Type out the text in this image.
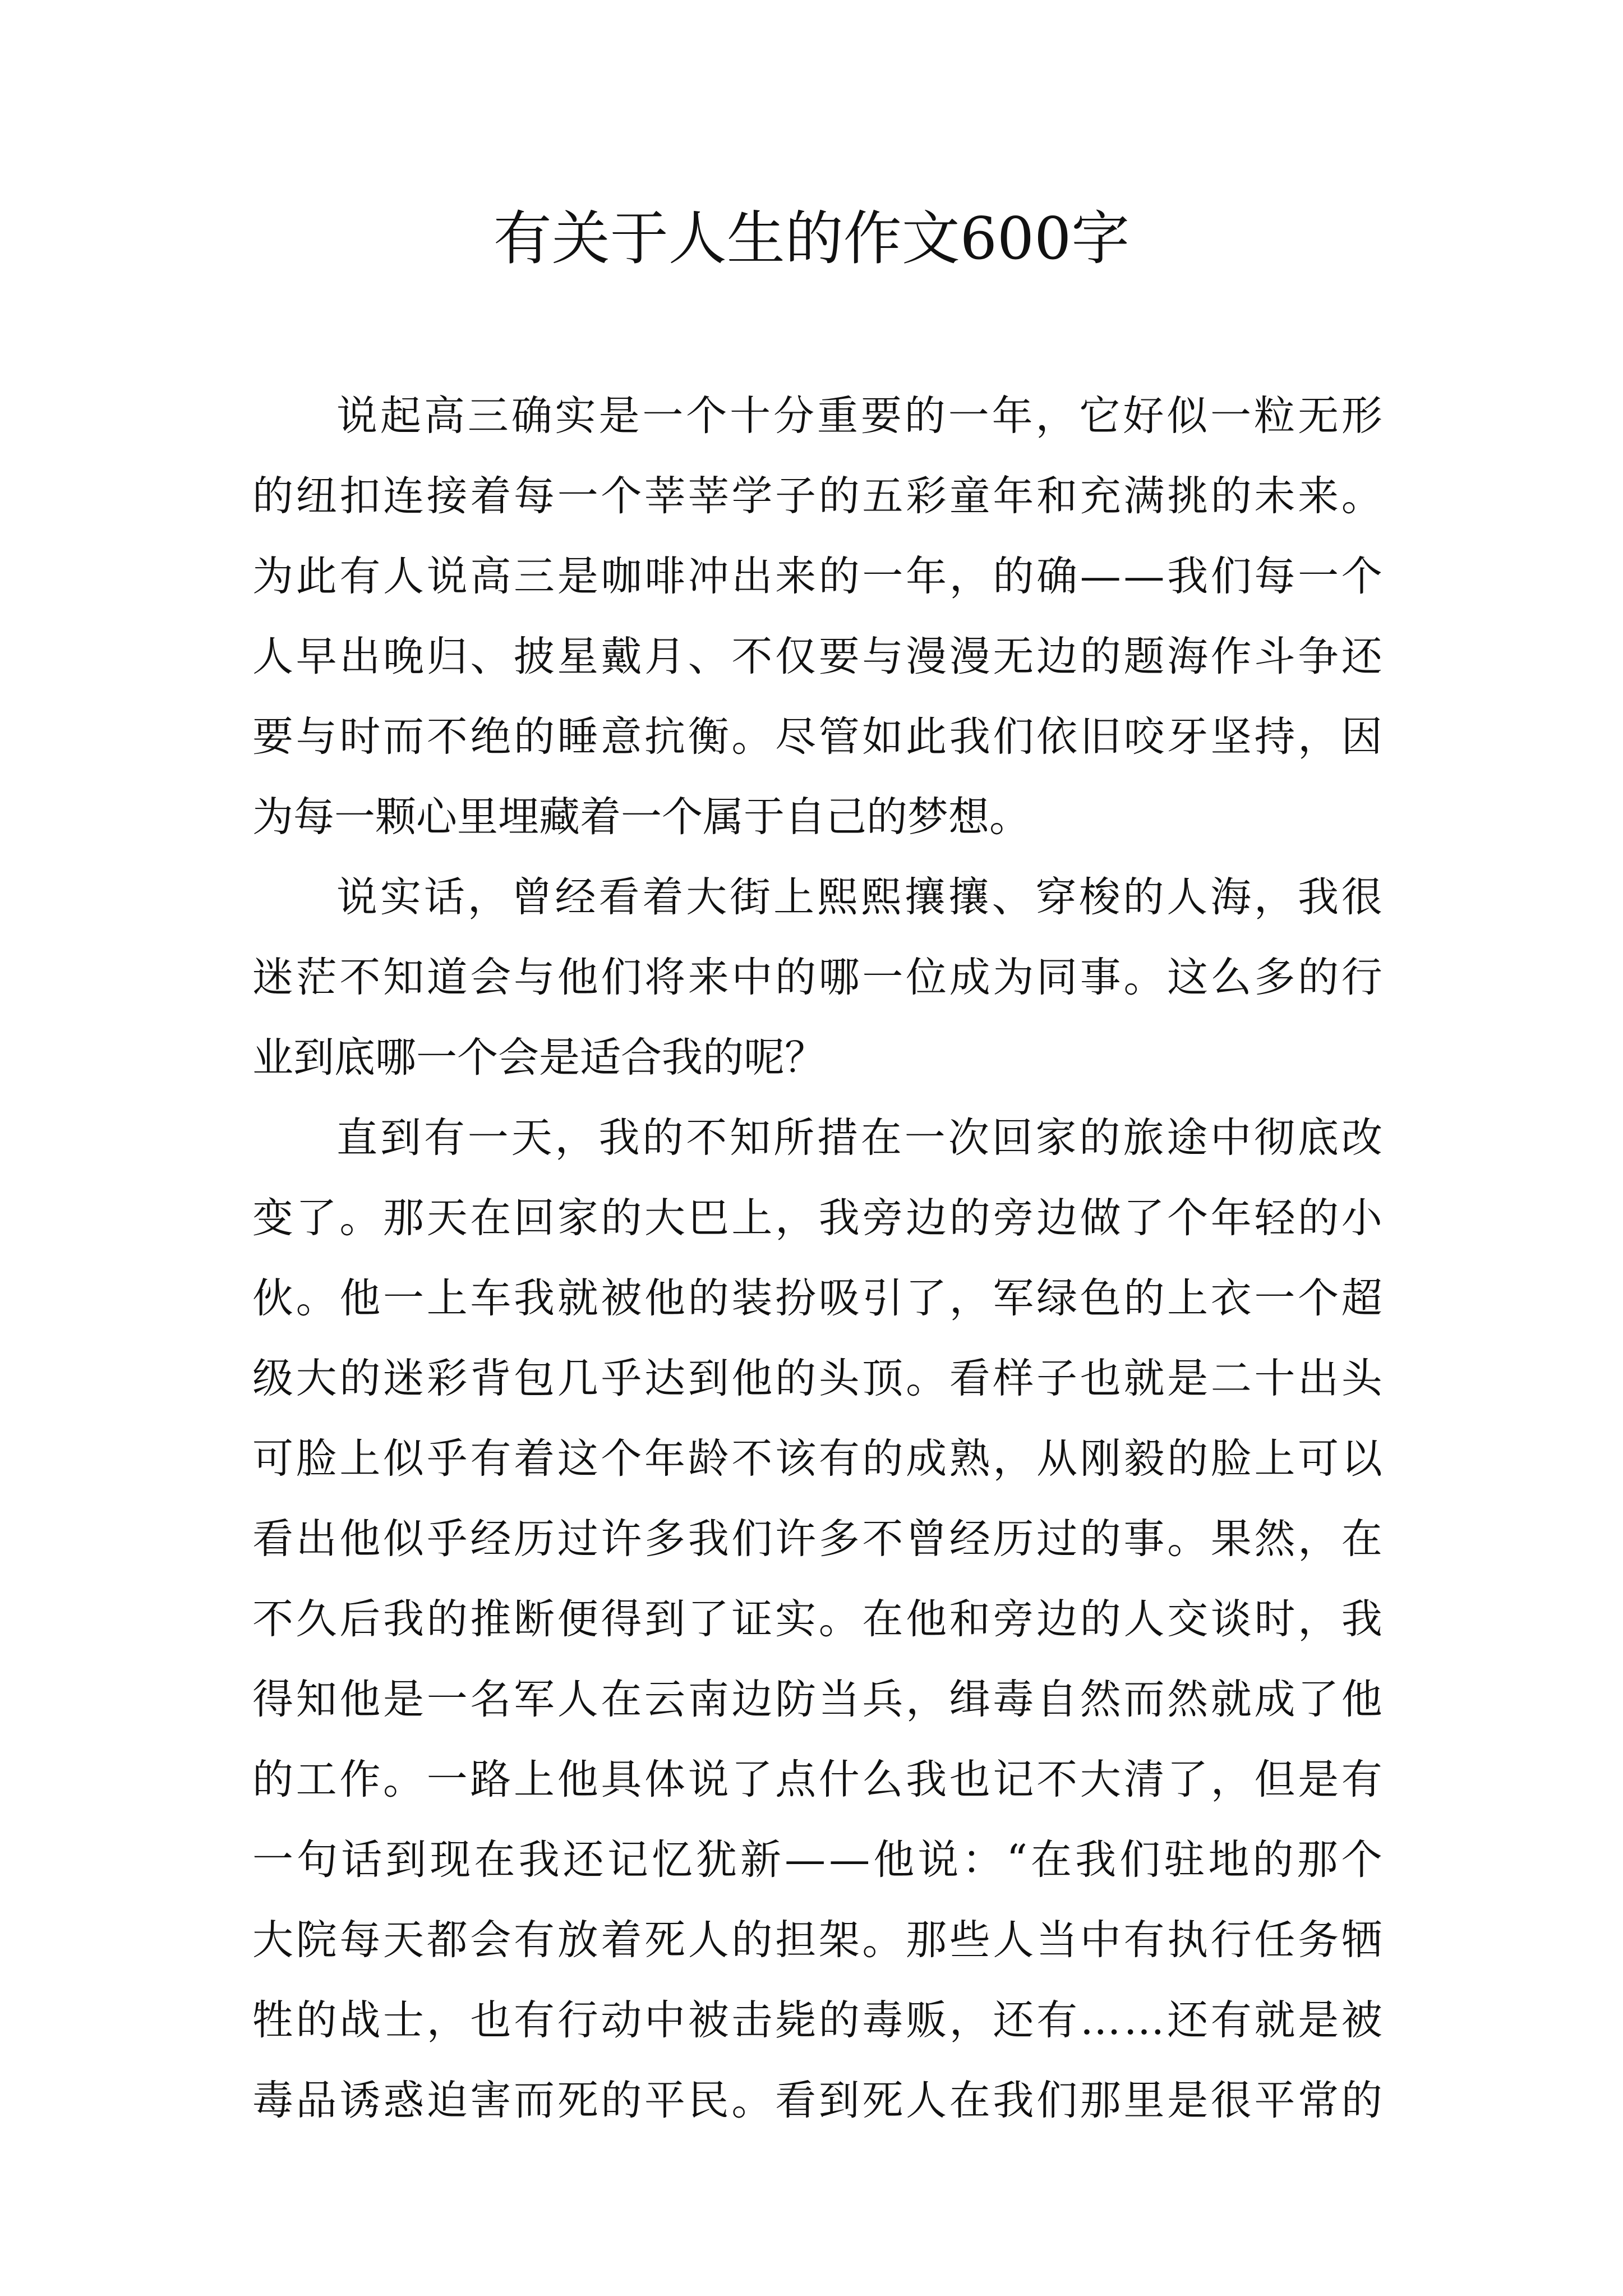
有关于人生的作文600字
说 起 高 三 确 实 是 一 个 十 分 重 要 的 一 年 ， 它 好 似 一 粒 无 形
的 纽 扣 连 接 着 每 一 个 莘 莘 学 子 的 五 彩 童 年 和 充 满 挑 的 未 来 。
为 此 有 人 说 高 三 是 咖 啡 冲 出 来 的 一 年 ， 的 确 — — 我 们 每 一 个
人 早 出 晚 归 、 披 星 戴 月 、 不 仅 要 与 漫 漫 无 边 的 题 海 作 斗 争 还
要 与 时 而 不 绝 的 睡 意 抗 衡 。 尽 管 如 此 我 们 依 旧 咬 牙 坚 持 ， 因
为每一颗心里埋藏着一个属于自己的梦想。
说 实 话 ， 曾 经 看 着 大 街 上 熙 熙 攘 攘 、 穿 梭 的 人 海 ， 我 很
迷 茫 不 知 道 会 与 他 们 将 来 中 的 哪 一 位 成 为 同 事 。 这 么 多 的 行
业到底哪一个会是适合我的呢？
直 到 有 一 天 ， 我 的 不 知 所 措 在 一 次 回 家 的 旅 途 中 彻 底 改
变 了 。 那 天 在 回 家 的 大 巴 上 ， 我 旁 边 的 旁 边 做 了 个 年 轻 的 小
伙 。 他 一 上 车 我 就 被 他 的 装 扮 吸 引 了 ， 军 绿 色 的 上 衣 一 个 超
级 大 的 迷 彩 背 包 几 乎 达 到 他 的 头 顶 。 看 样 子 也 就 是 二 十 出 头
可 脸 上 似 乎 有 着 这 个 年 龄 不 该 有 的 成 熟 ， 从 刚 毅 的 脸 上 可 以
看 出 他 似 乎 经 历 过 许 多 我 们 许 多 不 曾 经 历 过 的 事 。 果 然 ， 在
不 久 后 我 的 推 断 便 得 到 了 证 实 。 在 他 和 旁 边 的 人 交 谈 时 ， 我
得 知 他 是 一 名 军 人 在 云 南 边 防 当 兵 ， 缉 毒 自 然 而 然 就 成 了 他
的 工 作 。 一 路 上 他 具 体 说 了 点 什 么 我 也 记 不 大 清 了 ， 但 是 有
一 句 话 到 现 在 我 还 记 忆 犹 新 — — 他 说 ： “ 在 我 们 驻 地 的 那 个
大 院 每 天 都 会 有 放 着 死 人 的 担 架 。 那 些 人 当 中 有 执 行 任 务 牺
牲 的 战 士 ， 也 有 行 动 中 被 击 毙 的 毒 贩 ， 还 有 … … 还 有 就 是 被
毒 品 诱 惑 迫 害 而 死 的 平 民 。 看 到 死 人 在 我 们 那 里 是 很 平 常 的
